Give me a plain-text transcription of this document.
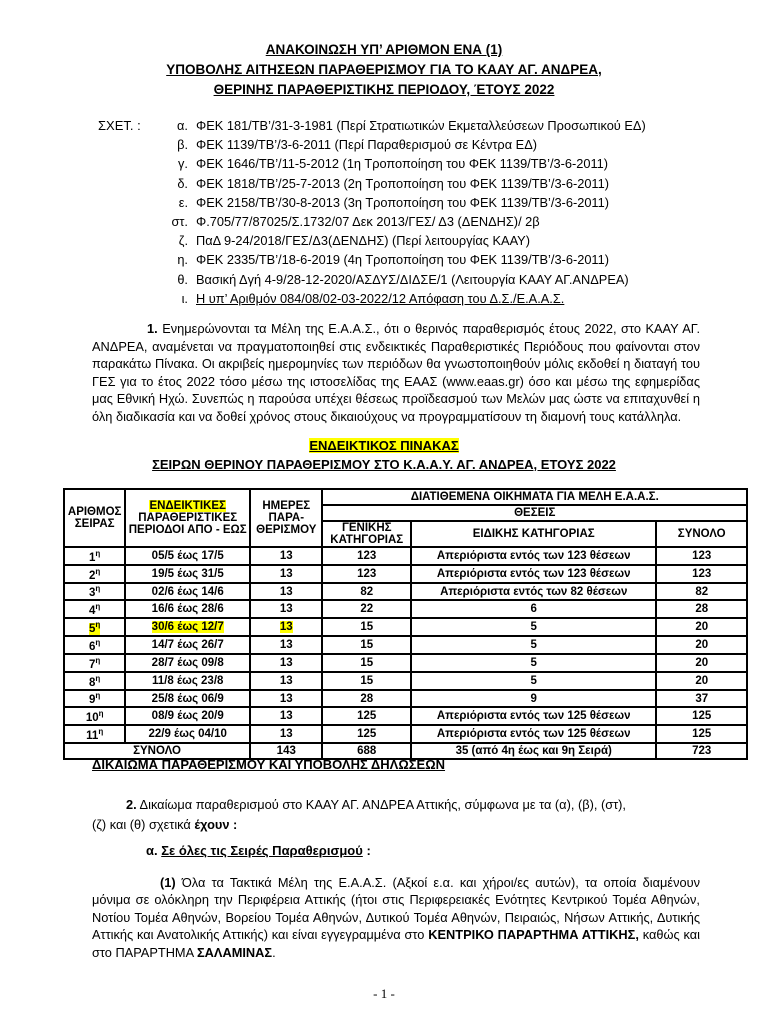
ΑΝΑΚΟΙΝΩΣΗ ΥΠ’ ΑΡΙΘΜΟΝ ΕΝΑ (1)
ΥΠΟΒΟΛΗΣ ΑΙΤΗΣΕΩΝ ΠΑΡΑΘΕΡΙΣΜΟΥ ΓΙΑ ΤΟ ΚΑΑΥ ΑΓ. ΑΝΔΡΕΑ,
ΘΕΡΙΝΗΣ ΠΑΡΑΘΕΡΙΣΤΙΚΗΣ ΠΕΡΙΟΔΟΥ, ΈΤΟΥΣ 2022
ΣΧΕΤ. :	α. ΦΕΚ 181/ΤΒ’/31-3-1981 (Περί Στρατιωτικών Εκμεταλλεύσεων Προσωπικού ΕΔ)
β. ΦΕΚ 1139/ΤΒ’/3-6-2011 (Περί Παραθερισμού σε Κέντρα ΕΔ)
γ. ΦΕΚ 1646/ΤΒ’/11-5-2012 (1η Τροποποίηση του ΦΕΚ 1139/ΤΒ’/3-6-2011)
δ. ΦΕΚ 1818/ΤΒ’/25-7-2013 (2η Τροποποίηση του ΦΕΚ 1139/ΤΒ’/3-6-2011)
ε. ΦΕΚ 2158/ΤΒ’/30-8-2013 (3η Τροποποίηση του ΦΕΚ 1139/ΤΒ’/3-6-2011)
στ. Φ.705/77/87025/Σ.1732/07 Δεκ 2013/ΓΕΣ/ Δ3 (ΔΕΝΔΗΣ)/ 2β
ζ. ΠαΔ 9-24/2018/ΓΕΣ/Δ3(ΔΕΝΔΗΣ) (Περί λειτουργίας ΚΑΑΥ)
η. ΦΕΚ 2335/ΤΒ’/18-6-2019 (4η Τροποποίηση του ΦΕΚ 1139/ΤΒ’/3-6-2011)
θ. Βασική Δγή 4-9/28-12-2020/ΑΣΔΥΣ/ΔΙΔΣΕ/1 (Λειτουργία ΚΑΑΥ ΑΓ.ΑΝΔΡΕΑ)
ι. Η υπ’ Αριθμόν 084/08/02-03-2022/12 Απόφαση του Δ.Σ./Ε.Α.Α.Σ.
1. Ενημερώνονται τα Μέλη της Ε.Α.Α.Σ., ότι ο θερινός παραθερισμός έτους 2022, στο ΚΑΑΥ ΑΓ. ΑΝΔΡΕΑ, αναμένεται να πραγματοποιηθεί στις ενδεικτικές Παραθεριστικές Περιόδους που φαίνονται στον παρακάτω Πίνακα. Οι ακριβείς ημερομηνίες των περιόδων θα γνωστοποιηθούν μόλις εκδοθεί η διαταγή του ΓΕΣ για το έτος 2022 τόσο μέσω της ιστοσελίδας της ΕΑΑΣ (www.eaas.gr) όσο και μέσω της εφημερίδας μας Εθνική Ηχώ. Συνεπώς η παρούσα υπέχει θέσεως προϊδεασμού των Μελών μας ώστε να επιταχυνθεί η όλη διαδικασία και να δοθεί χρόνος στους δικαιούχους να προγραμματίσουν τη διαμονή τους κατάλληλα.
ΕΝΔΕΙΚΤΙΚΟΣ ΠΙΝΑΚΑΣ
ΣΕΙΡΩΝ ΘΕΡΙΝΟΥ ΠΑΡΑΘΕΡΙΣΜΟΥ ΣΤΟ Κ.Α.Α.Υ. ΑΓ. ΑΝΔΡΕΑ, ΕΤΟΥΣ 2022
ΑΡΙΘΜΟΣ ΣΕΙΡΑΣ	ΕΝΔΕΙΚΤΙΚΕΣ
ΠΑΡΑΘΕΡΙΣΤΙΚΕΣ ΠΕΡΙΟΔΟΙ ΑΠΟ - ΕΩΣ	ΗΜΕΡΕΣ ΠΑΡΑ-ΘΕΡΙΣΜΟΥ	ΔΙΑΤΙΘΕΜΕΝΑ ΟΙΚΗΜΑΤΑ ΓΙΑ ΜΕΛΗ Ε.Α.Α.Σ.		
			ΘΕΣΕΙΣ		
			ΓΕΝΙΚΗΣ ΚΑΤΗΓΟΡΙΑΣ	ΕΙΔΙΚΗΣ ΚΑΤΗΓΟΡΙΑΣ	ΣΥΝΟΛΟ
$1^\eta$	05/5 έως 17/5	13	123	Απεριόριστα εντός των 123 θέσεων	123
$2^\eta$	19/5 έως 31/5	13	123	Απεριόριστα εντός των 123 θέσεων	123
$3^\eta$	02/6 έως 14/6	13	82	Απεριόριστα εντός των 82 θέσεων	82
$4^\eta$	16/6 έως 28/6	13	22	6	28
$5^\eta$	30/6 έως 12/7	13	15	5	20
$6^\eta$	14/7 έως 26/7	13	15	5	20
$7^\eta$	28/7 έως 09/8	13	15	5	20
$8^\eta$	11/8 έως 23/8	13	15	5	20
$9^\eta$	25/8 έως 06/9	13	28	9	37
$10^\eta$	08/9 έως 20/9	13	125	Απεριόριστα εντός των 125 θέσεων	125
$11^\eta$	22/9 έως 04/10	13	125	Απεριόριστα εντός των 125 θέσεων	125
ΣΥΝΟΛΟ		143	688	35 (από 4η έως και 9η Σειρά)	723
ΔΙΚΑΙΩΜΑ ΠΑΡΑΘΕΡΙΣΜΟΥ ΚΑΙ ΥΠΟΒΟΛΗΣ ΔΗΛΩΣΕΩΝ
2. Δικαίωμα παραθερισμού στο ΚΑΑΥ ΑΓ. ΑΝΔΡΕΑ Αττικής, σύμφωνα με τα (α), (β), (στ),
(ζ) και (θ) σχετικά έχουν :
α. Σε όλες τις Σειρές Παραθερισμού :
(1) Όλα τα Τακτικά Μέλη της Ε.Α.Α.Σ. (Αξκοί ε.α. και χήροι/ες αυτών), τα οποία διαμένουν μόνιμα σε ολόκληρη την Περιφέρεια Αττικής (ήτοι στις Περιφερειακές Ενότητες Κεντρικού Τομέα Αθηνών, Νοτίου Τομέα Αθηνών, Βορείου Τομέα Αθηνών, Δυτικού Τομέα Αθηνών, Πειραιώς, Νήσων Αττικής, Δυτικής Αττικής και Ανατολικής Αττικής) και είναι εγγεγραμμένα στο ΚΕΝΤΡΙΚΟ ΠΑΡΑΡΤΗΜΑ ΑΤΤΙΚΗΣ, καθώς και στο ΠΑΡΑΡΤΗΜΑ ΣΑΛΑΜΙΝΑΣ.
- 1 -
